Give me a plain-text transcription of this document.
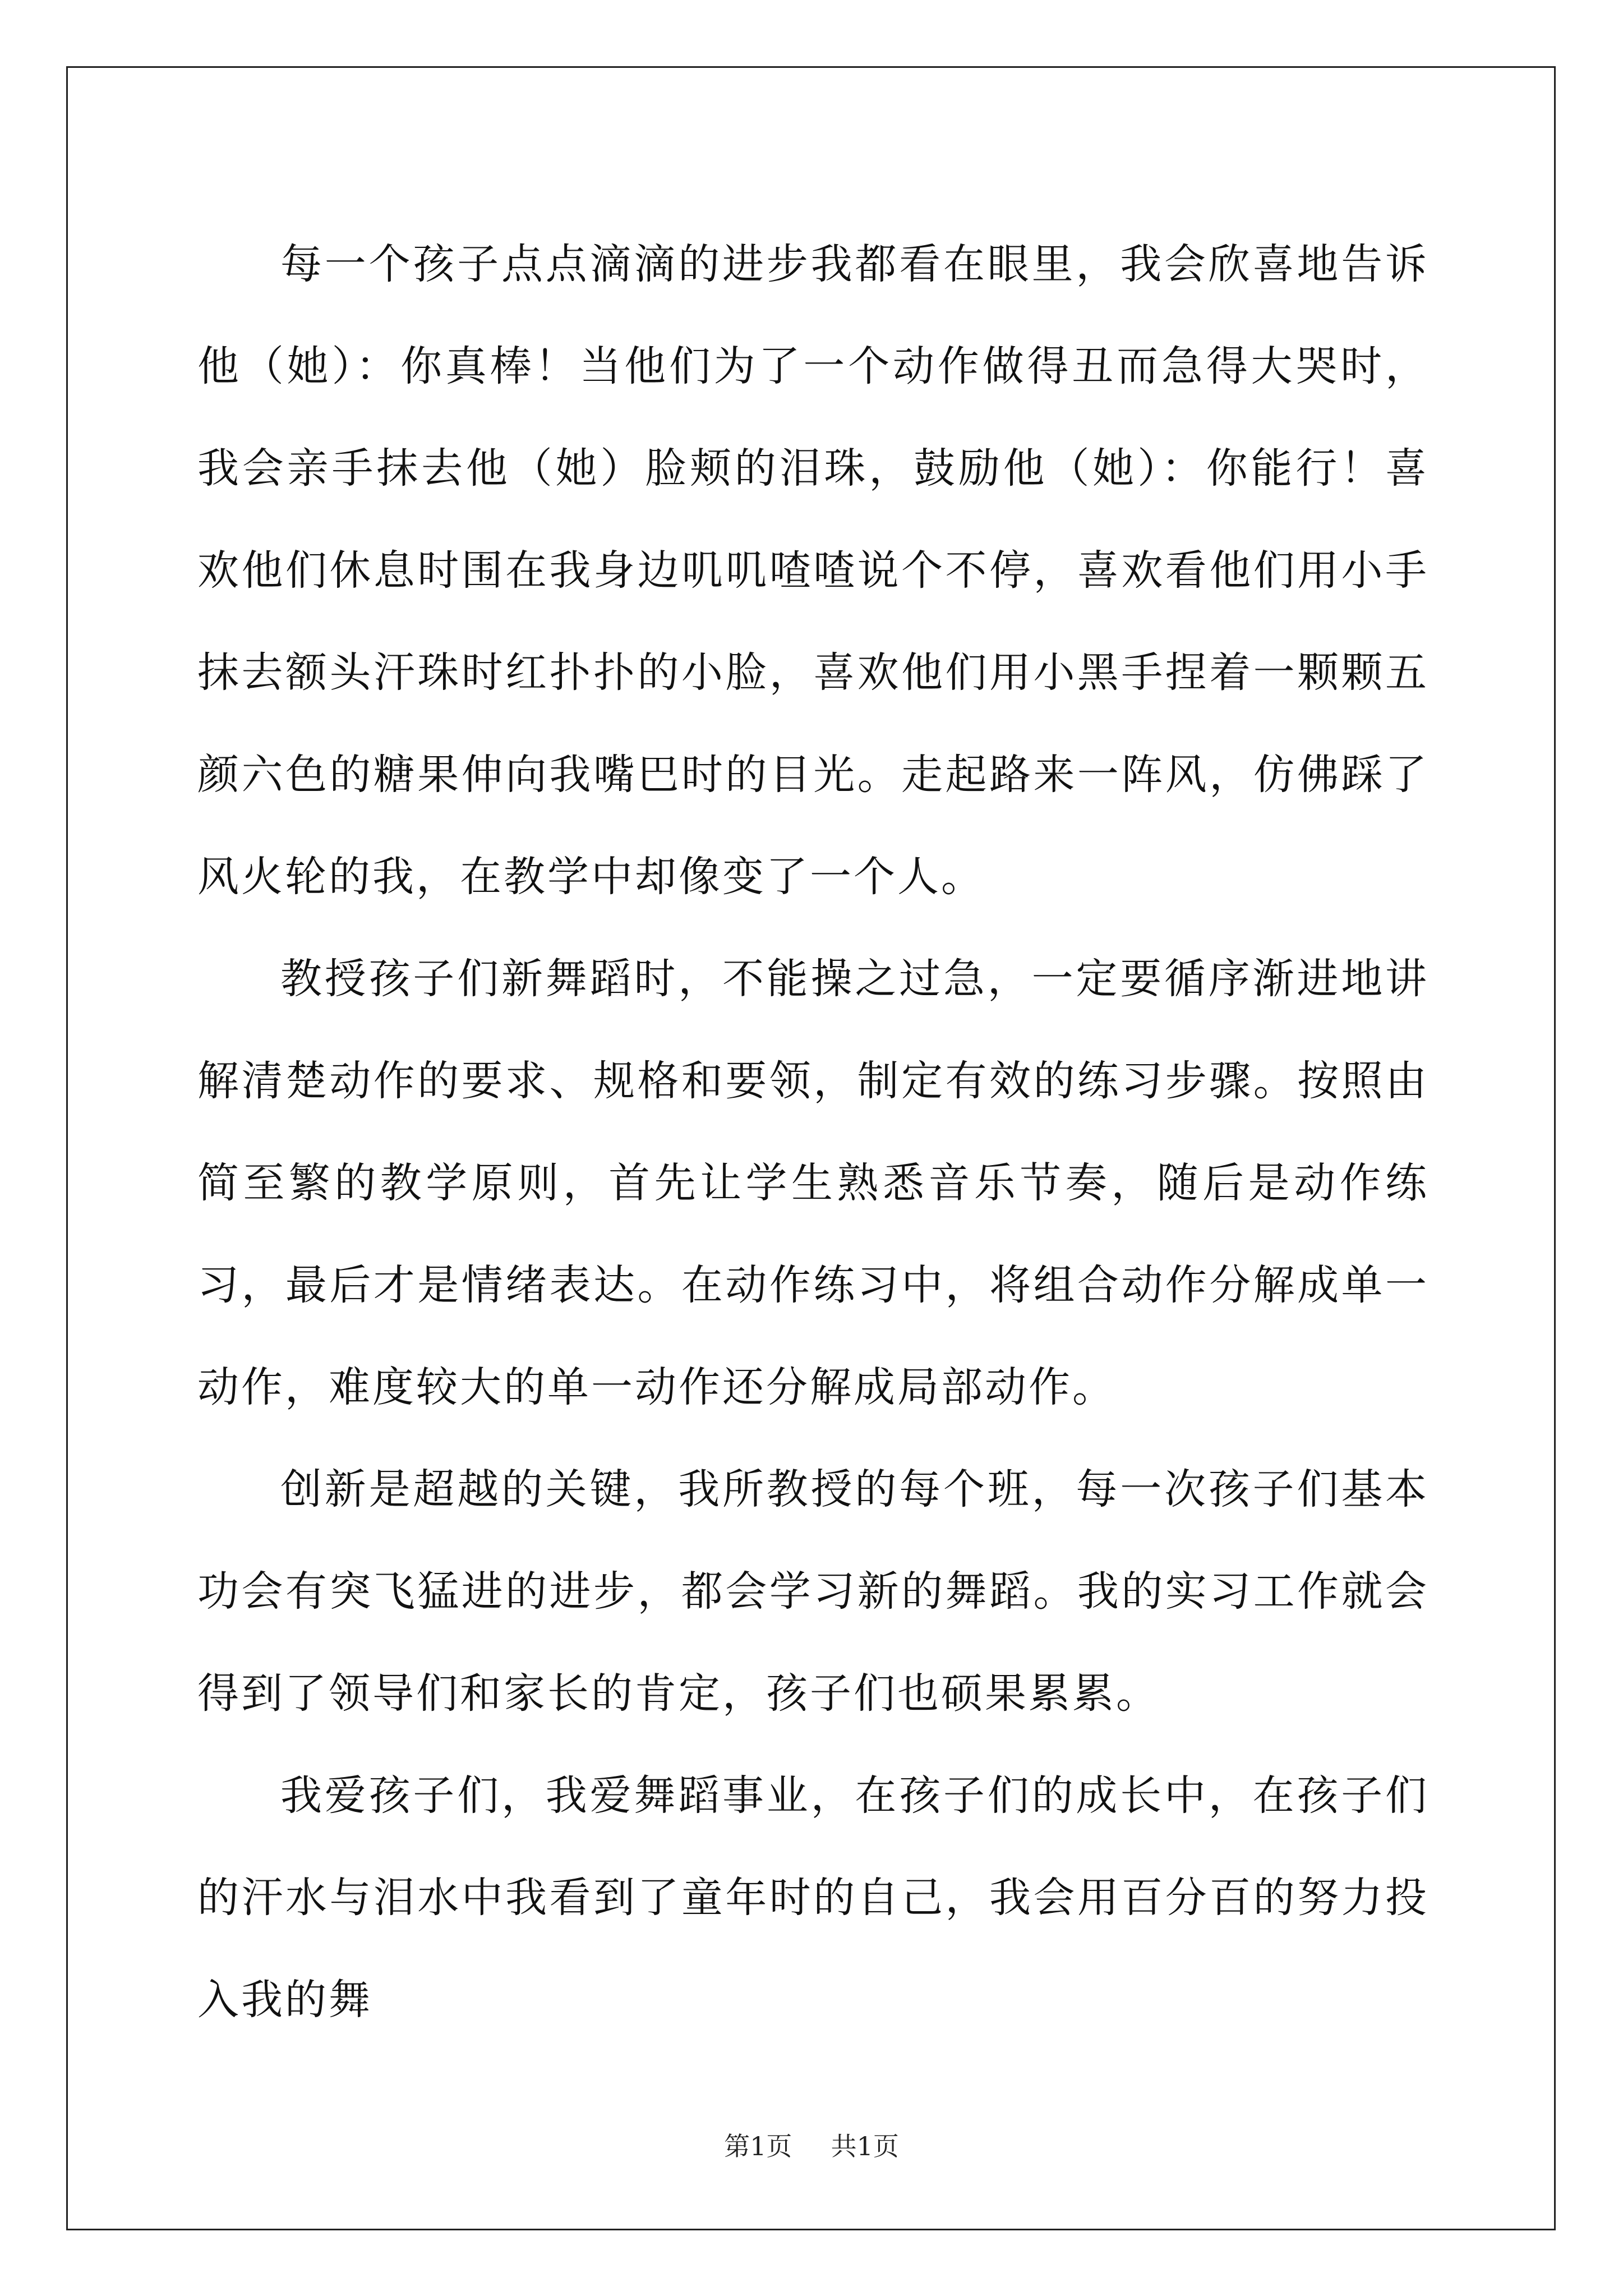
每一个孩子点点滴滴的进步我都看在眼里，我会欣喜地告诉他（她）：你真棒！当他们为了一个动作做得丑而急得大哭时，我会亲手抹去他（她）脸颊的泪珠，鼓励他（她）：你能行！喜欢他们休息时围在我身边叽叽喳喳说个不停，喜欢看他们用小手抹去额头汗珠时红扑扑的小脸，喜欢他们用小黑手捏着一颗颗五颜六色的糖果伸向我嘴巴时的目光。走起路来一阵风，仿佛踩了风火轮的我，在教学中却像变了一个人。

教授孩子们新舞蹈时，不能操之过急，一定要循序渐进地讲解清楚动作的要求、规格和要领，制定有效的练习步骤。按照由简至繁的教学原则，首先让学生熟悉音乐节奏，随后是动作练习，最后才是情绪表达。在动作练习中，将组合动作分解成单一动作，难度较大的单一动作还分解成局部动作。

创新是超越的关键，我所教授的每个班，每一次孩子们基本功会有突飞猛进的进步，都会学习新的舞蹈。我的实习工作就会得到了领导们和家长的肯定，孩子们也硕果累累。

我爱孩子们，我爱舞蹈事业，在孩子们的成长中，在孩子们的汗水与泪水中我看到了童年时的自己，我会用百分百的努力投入我的舞

第1页 共1页
